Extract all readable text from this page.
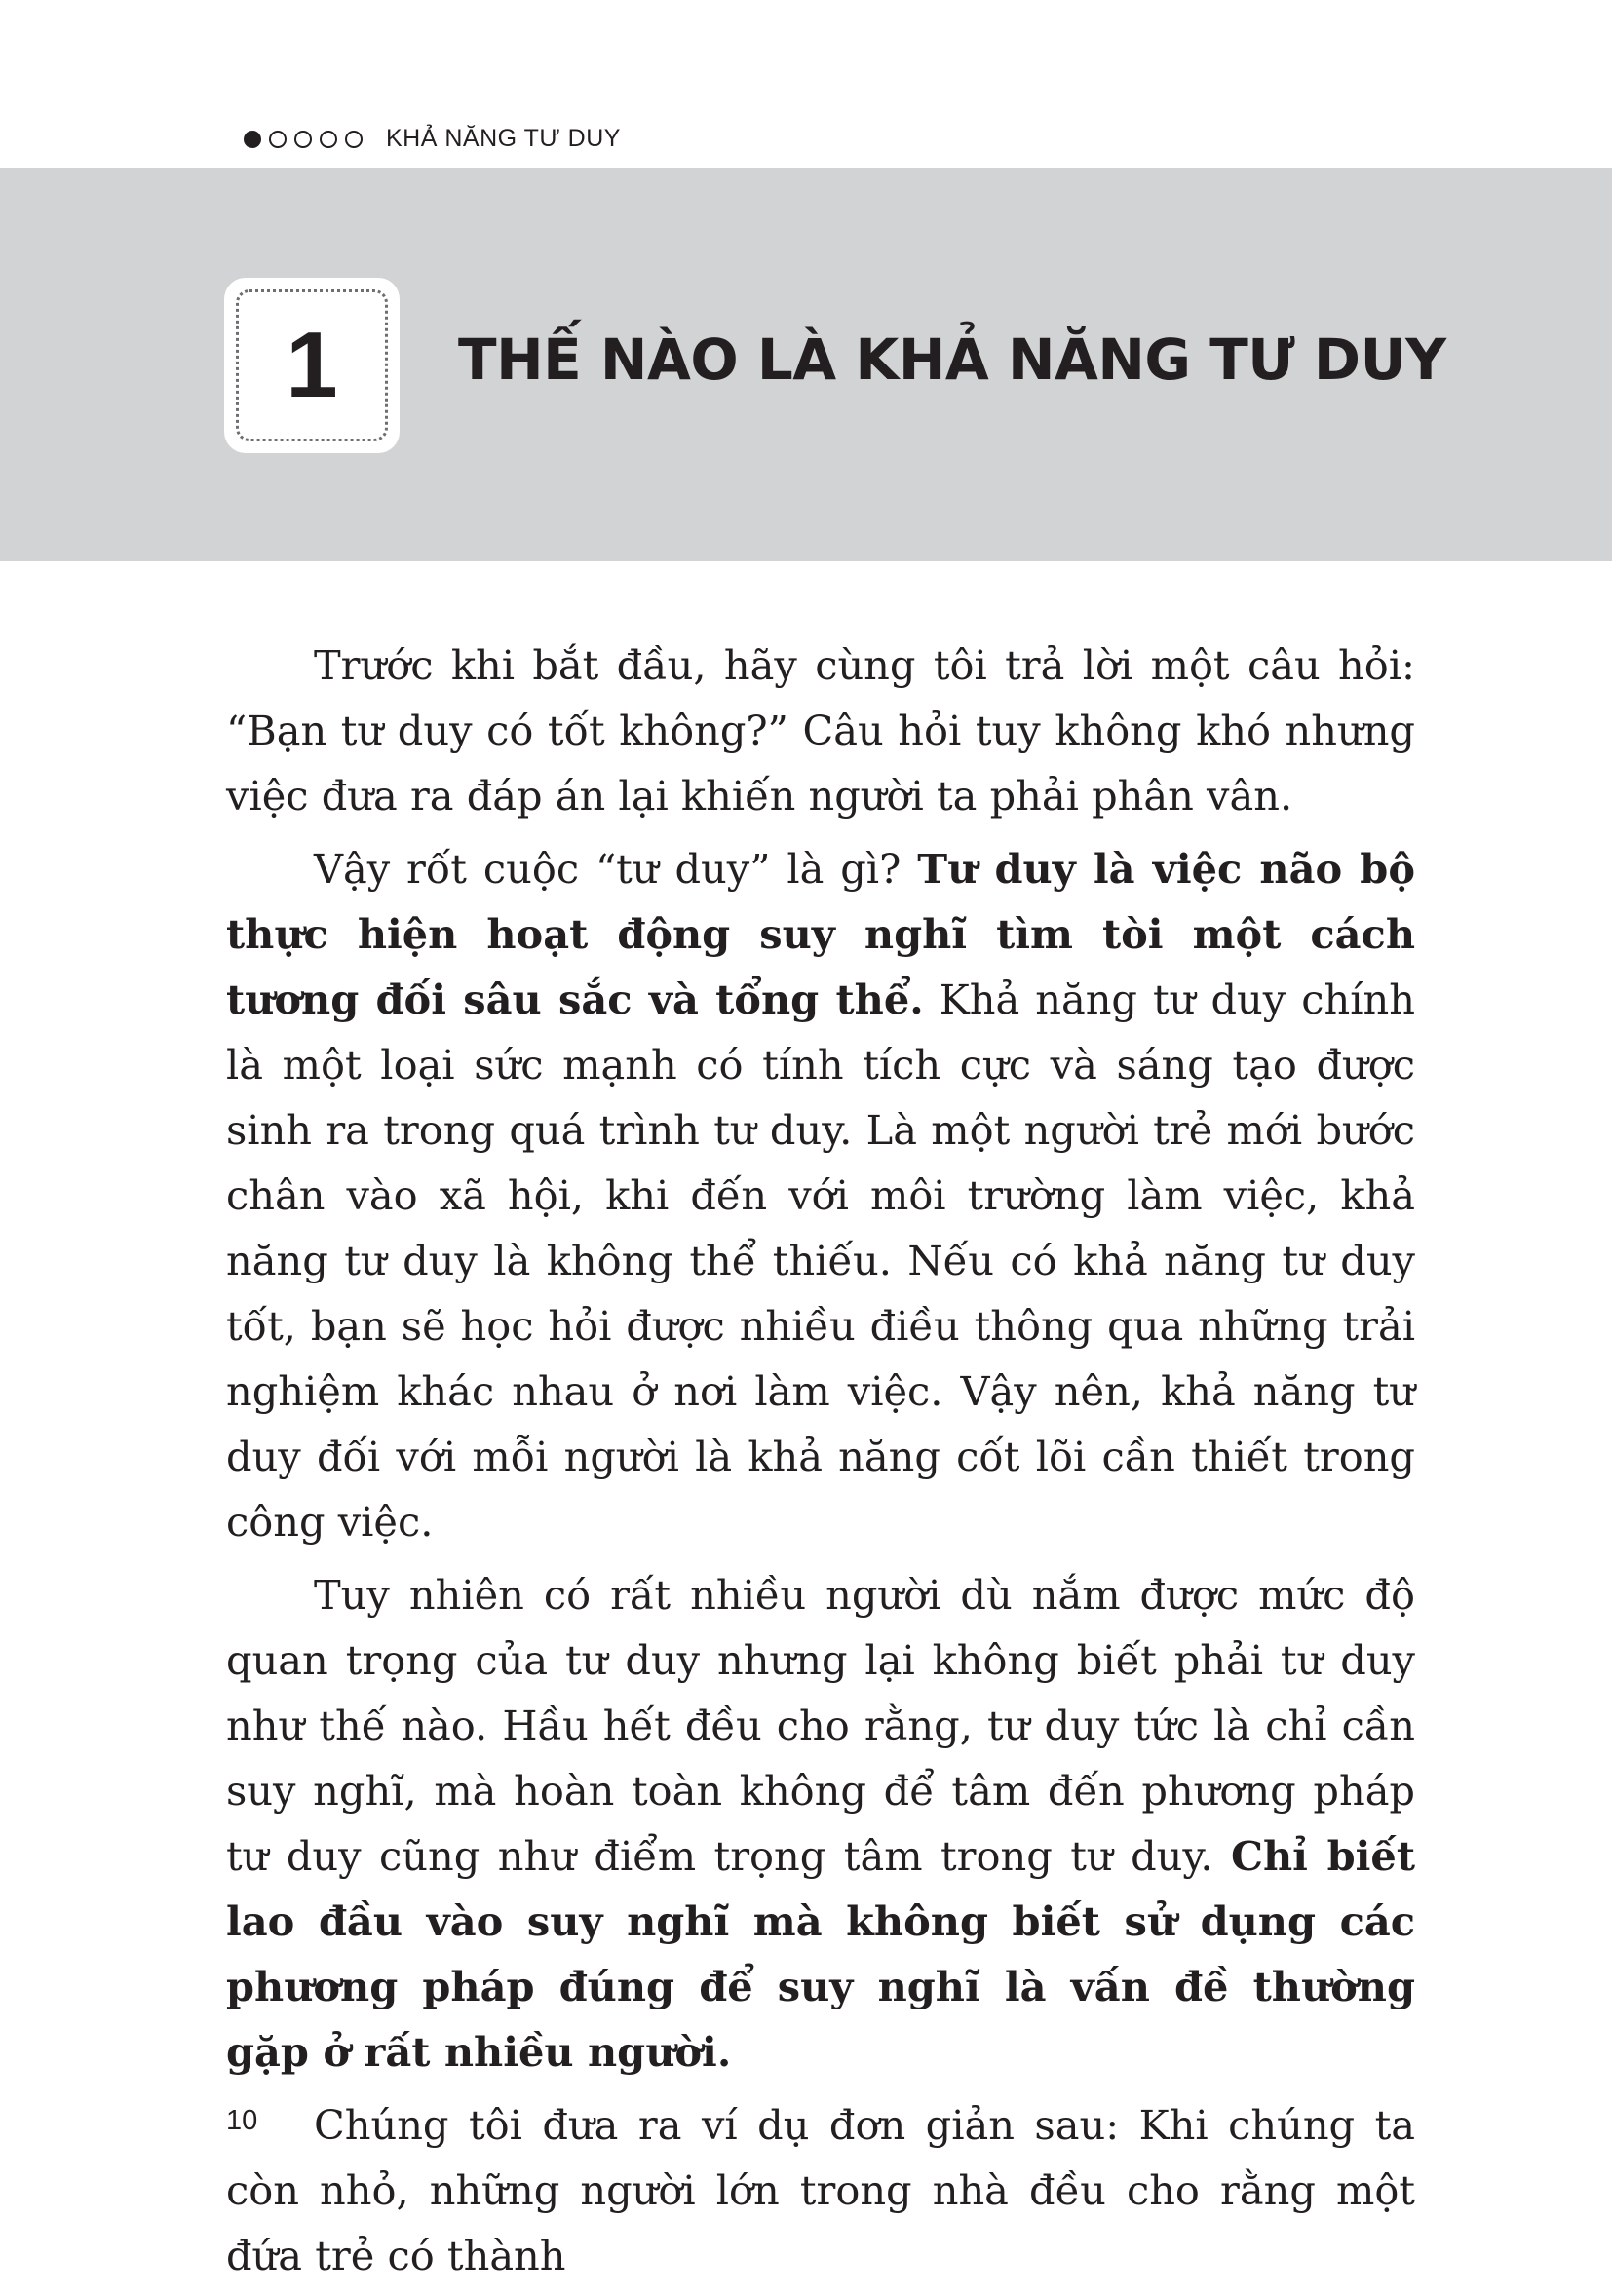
KHẢ NĂNG TƯ DUY
1 THẾ NÀO LÀ KHẢ NĂNG TƯ DUY

Trước khi bắt đầu, hãy cùng tôi trả lời một câu hỏi: “Bạn tư duy có tốt không?” Câu hỏi tuy không khó nhưng việc đưa ra đáp án lại khiến người ta phải phân vân.

Vậy rốt cuộc “tư duy” là gì? Tư duy là việc não bộ thực hiện hoạt động suy nghĩ tìm tòi một cách tương đối sâu sắc và tổng thể. Khả năng tư duy chính là một loại sức mạnh có tính tích cực và sáng tạo được sinh ra trong quá trình tư duy. Là một người trẻ mới bước chân vào xã hội, khi đến với môi trường làm việc, khả năng tư duy là không thể thiếu. Nếu có khả năng tư duy tốt, bạn sẽ học hỏi được nhiều điều thông qua những trải nghiệm khác nhau ở nơi làm việc. Vậy nên, khả năng tư duy đối với mỗi người là khả năng cốt lõi cần thiết trong công việc.

Tuy nhiên có rất nhiều người dù nắm được mức độ quan trọng của tư duy nhưng lại không biết phải tư duy như thế nào. Hầu hết đều cho rằng, tư duy tức là chỉ cần suy nghĩ, mà hoàn toàn không để tâm đến phương pháp tư duy cũng như điểm trọng tâm trong tư duy. Chỉ biết lao đầu vào suy nghĩ mà không biết sử dụng các phương pháp đúng để suy nghĩ là vấn đề thường gặp ở rất nhiều người.

Chúng tôi đưa ra ví dụ đơn giản sau: Khi chúng ta còn nhỏ, những người lớn trong nhà đều cho rằng một đứa trẻ có thành

10
